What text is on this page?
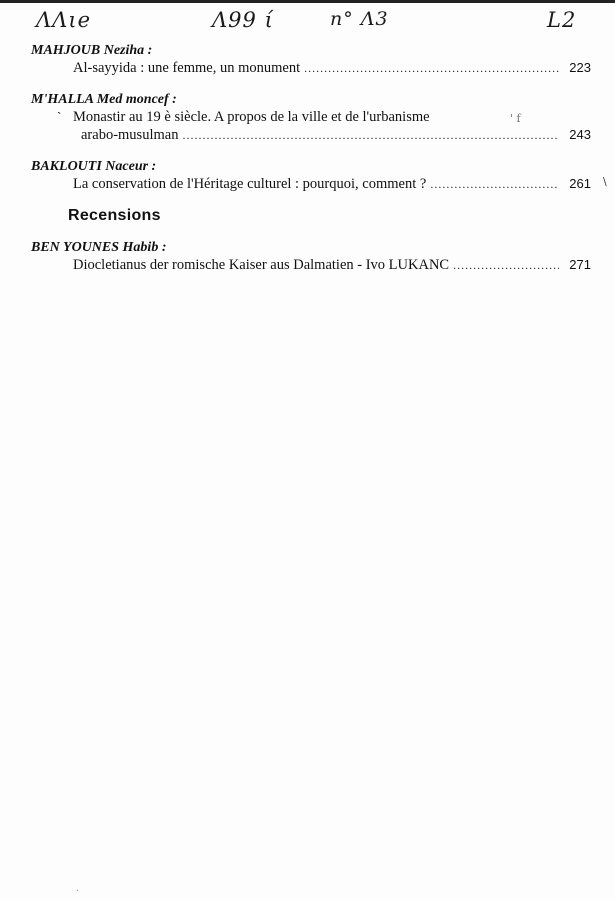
ΛΛιe	Λ99 ί	n° Λ3	L2

MAHJOUB Neziha :

Al-sayyida : une femme, un monument .....	223

M'HALLA Med moncef :

` Monastir au 19 è siècle. A propos de la ville et de l'urbanisme
arabo-musulman .....	243

BAKLOUTI Naceur :

La conservation de l'Héritage culturel : pourquoi, comment ? .....	261
Recensions

BEN YOUNES Habib :

Diocletianus der romische Kaiser aus Dalmatien - Ivo LUKANC .....	271
' f
\
.
